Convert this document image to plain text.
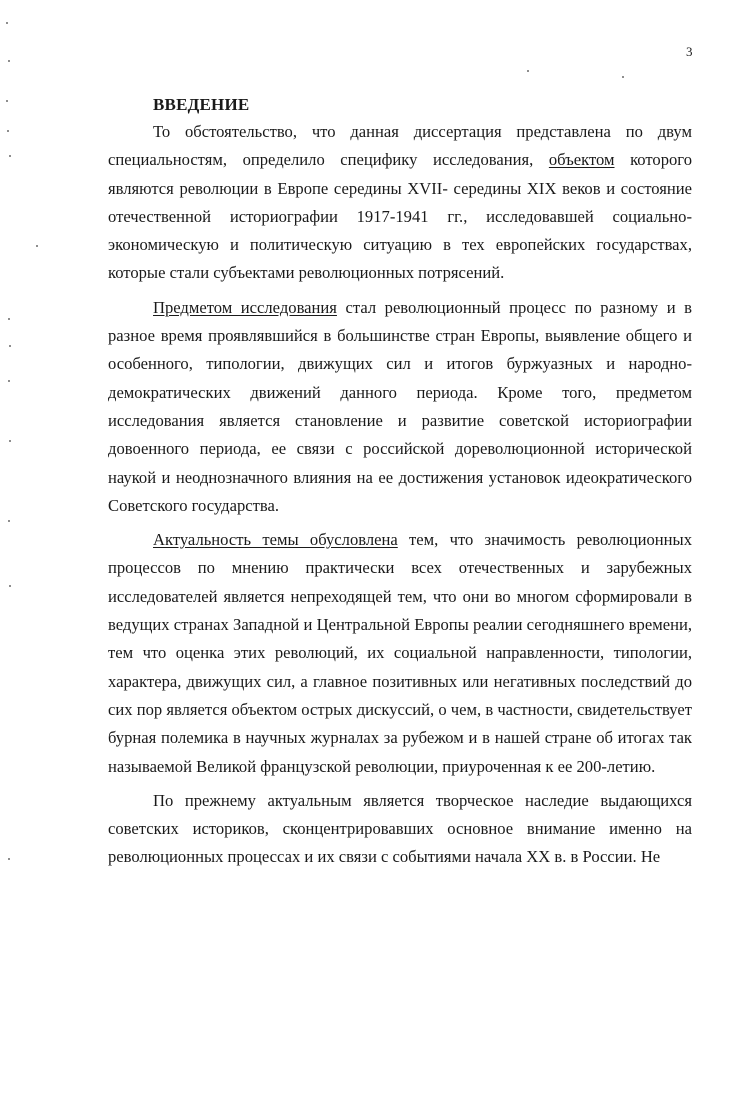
3
ВВЕДЕНИЕ

То обстоятельство, что данная диссертация представлена по двум специальностям, определило специфику исследования, объектом которого являются революции в Европе середины XVII- середины XIX веков и состояние отечественной историографии 1917-1941 гг., исследовавшей социально-экономическую и политическую ситуацию в тех европейских государствах, которые стали субъектами революционных потрясений.

Предметом исследования стал революционный процесс по разному и в разное время проявлявшийся в большинстве стран Европы, выявление общего и особенного, типологии, движущих сил и итогов буржуазных и народно-демократических движений данного периода. Кроме того, предметом исследования является становление и развитие советской историографии довоенного периода, ее связи с российской дореволюционной исторической наукой и неоднозначного влияния на ее достижения установок идеократического Советского государства.

Актуальность темы обусловлена тем, что значимость революционных процессов по мнению практически всех отечественных и зарубежных исследователей является непреходящей тем, что они во многом сформировали в ведущих странах Западной и Центральной Европы реалии сегодняшнего времени, тем что оценка этих революций, их социальной направленности, типологии, характера, движущих сил, а главное позитивных или негативных последствий до сих пор является объектом острых дискуссий, о чем, в частности, свидетельствует бурная полемика в научных журналах за рубежом и в нашей стране об итогах так называемой Великой французской революции, приуроченная к ее 200-летию.

По прежнему актуальным является творческое наследие выдающихся советских историков, сконцентрировавших основное внимание именно на революционных процессах и их связи с событиями начала XX в. в России. Не
